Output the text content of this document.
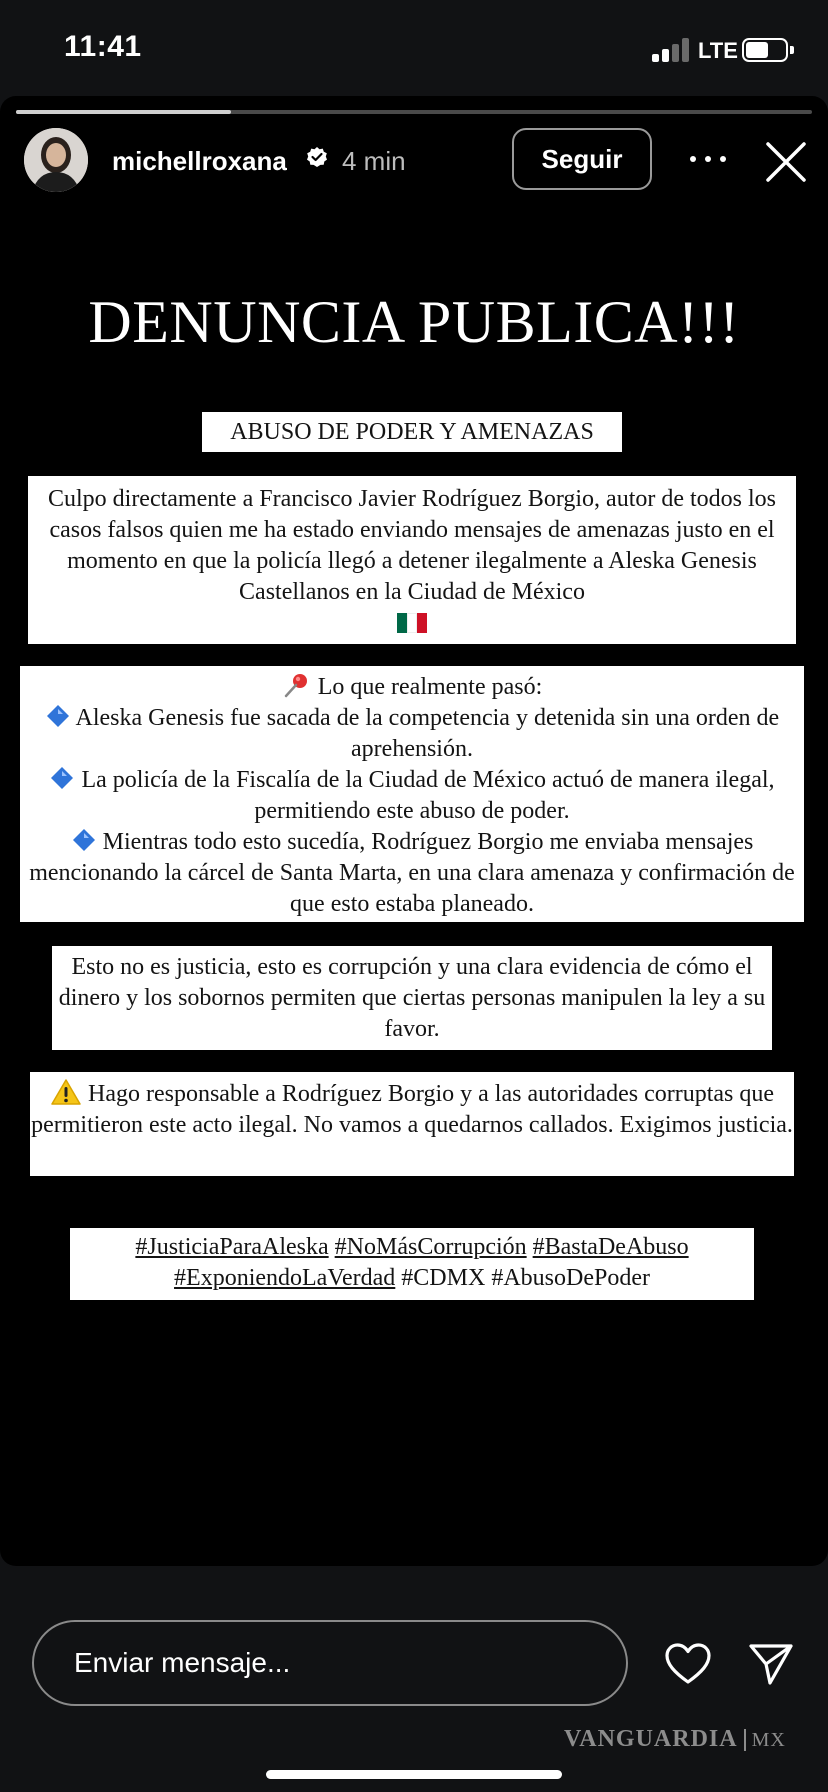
11:41	LTE
michellroxana 4 min	Seguir
DENUNCIA PUBLICA!!!
ABUSO DE PODER Y AMENAZAS
Culpo directamente a Francisco Javier Rodríguez Borgio, autor de todos los casos falsos quien me ha estado enviando mensajes de amenazas justo en el momento en que la policía llegó a detener ilegalmente a Aleska Genesis Castellanos en la Ciudad de México

Lo que realmente pasó:

Aleska Genesis fue sacada de la competencia y detenida sin una orden de aprehensión.

La policía de la Fiscalía de la Ciudad de México actuó de manera ilegal, permitiendo este abuso de poder.

Mientras todo esto sucedía, Rodríguez Borgio me enviaba mensajes mencionando la cárcel de Santa Marta, en una clara amenaza y confirmación de que esto estaba planeado.

Esto no es justicia, esto es corrupción y una clara evidencia de cómo el dinero y los sobornos permiten que ciertas personas manipulen la ley a su favor.
Hago responsable a Rodríguez Borgio y a las autoridades corruptas que permitieron este acto ilegal. No vamos a quedarnos callados. Exigimos justicia.
#JusticiaParaAleska #NoMásCorrupción #BastaDeAbuso
#ExponiendoLaVerdad #CDMX #AbusoDePoder
Enviar mensaje...
VANGUARDIA MX
